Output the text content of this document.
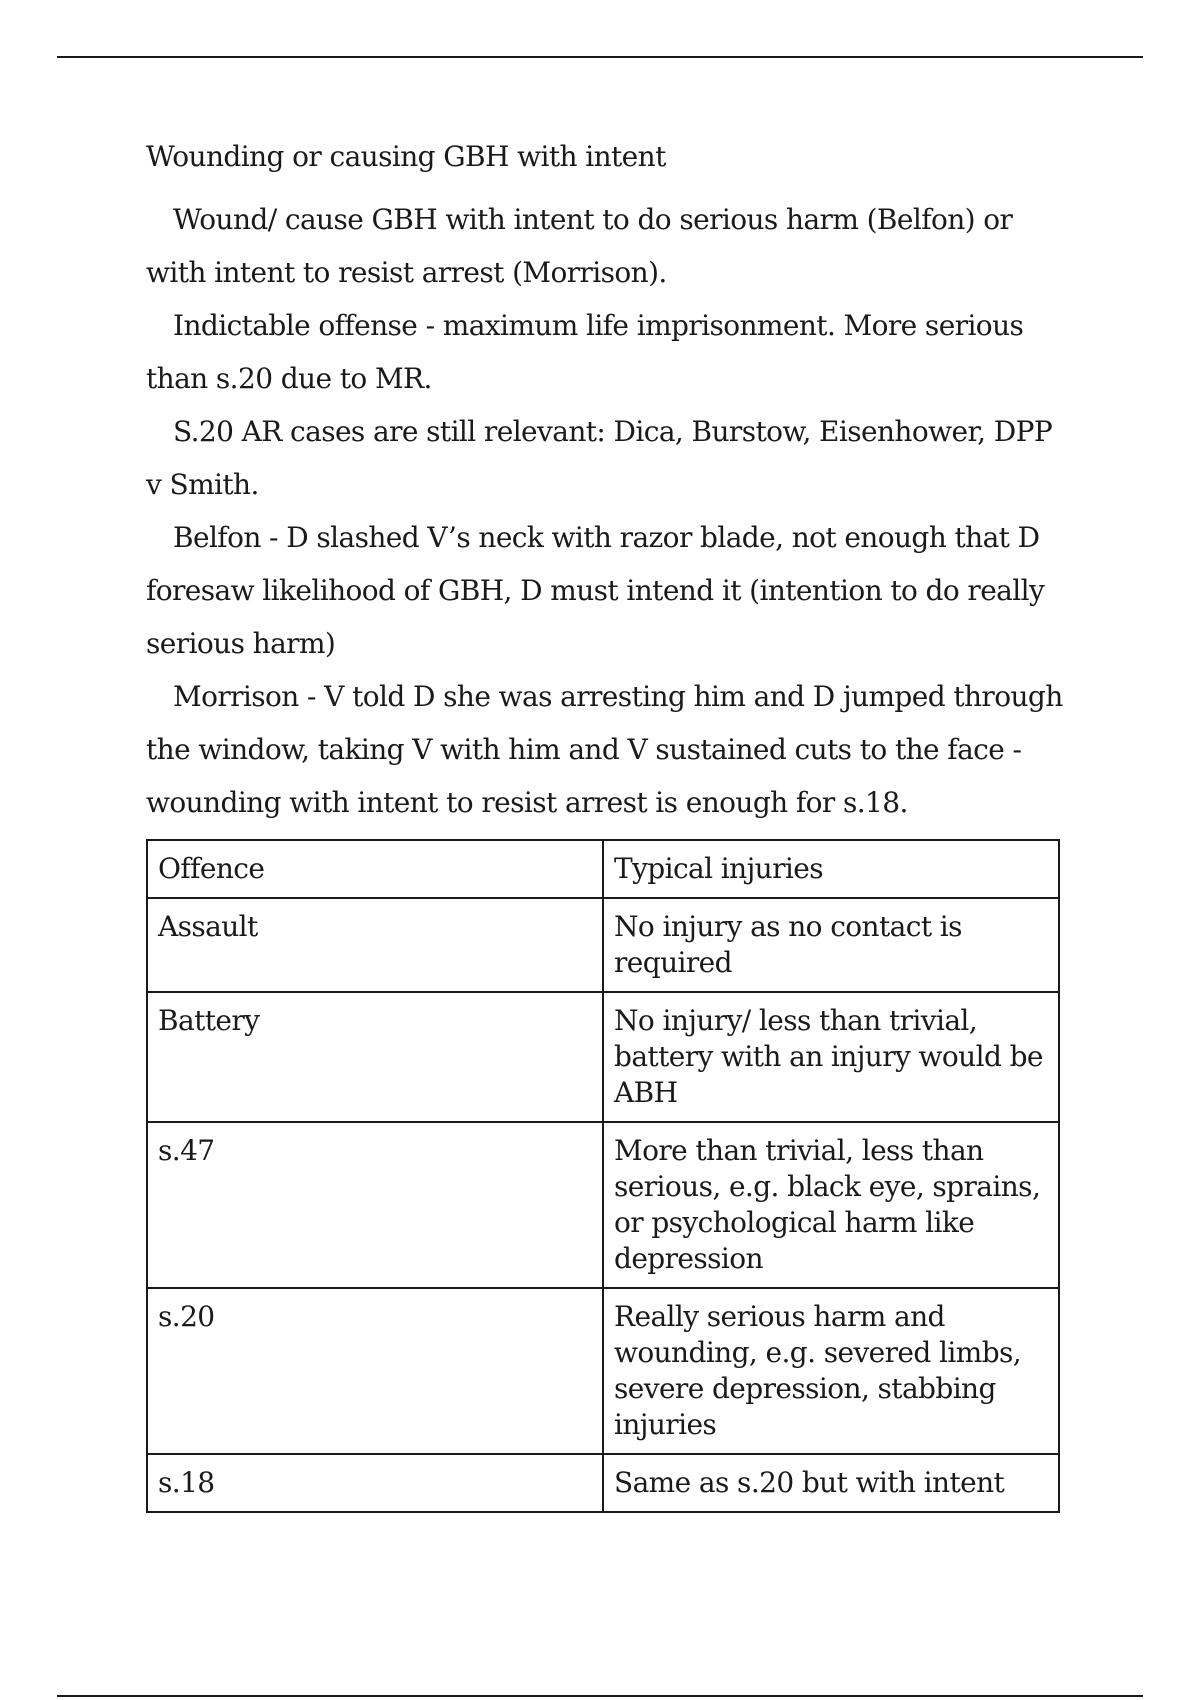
Wounding or causing GBH with intent

Wound/ cause GBH with intent to do serious harm (Belfon) or with intent to resist arrest (Morrison).

Indictable offense - maximum life imprisonment. More serious than s.20 due to MR.

S.20 AR cases are still relevant: Dica, Burstow, Eisenhower, DPP v Smith.

Belfon - D slashed V’s neck with razor blade, not enough that D foresaw likelihood of GBH, D must intend it (intention to do really serious harm)

Morrison - V told D she was arresting him and D jumped through the window, taking V with him and V sustained cuts to the face - wounding with intent to resist arrest is enough for s.18.

Offence	Typical injuries
Assault	No injury as no contact is required
Battery	No injury/ less than trivial, battery with an injury would be ABH
s.47	More than trivial, less than serious, e.g. black eye, sprains, or psychological harm like depression
s.20	Really serious harm and wounding, e.g. severed limbs, severe depression, stabbing injuries
s.18	Same as s.20 but with intent
